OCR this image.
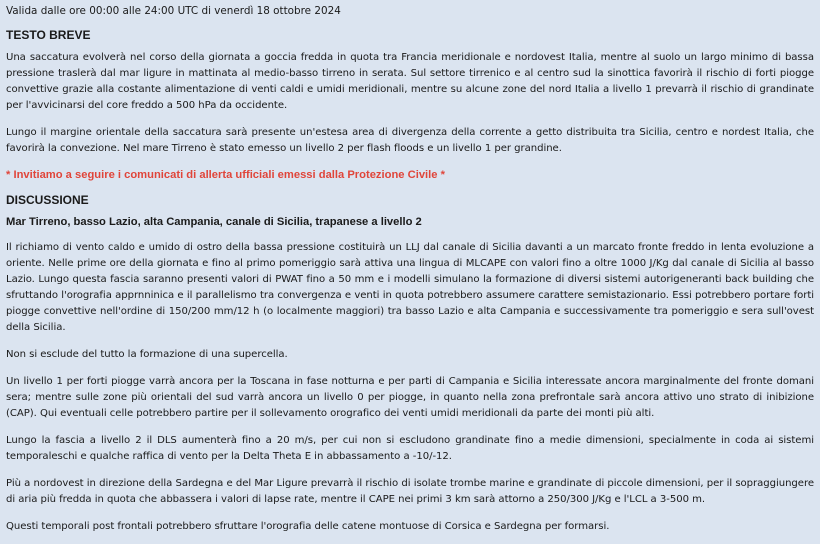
Valida dalle ore 00:00 alle 24:00 UTC di venerdì 18 ottobre 2024
TESTO BREVE

Una saccatura evolverà nel corso della giornata a goccia fredda in quota tra Francia meridionale e nordovest Italia, mentre al suolo un largo minimo di bassa pressione traslerà dal mar ligure in mattinata al medio-basso tirreno in serata. Sul settore tirrenico e al centro sud la sinottica favorirà il rischio di forti piogge convettive grazie alla costante alimentazione di venti caldi e umidi meridionali, mentre su alcune zone del nord Italia a livello 1 prevarrà il rischio di grandinate per l'avvicinarsi del core freddo a 500 hPa da occidente.

Lungo il margine orientale della saccatura sarà presente un'estesa area di divergenza della corrente a getto distribuita tra Sicilia, centro e nordest Italia, che favorirà la convezione. Nel mare Tirreno è stato emesso un livello 2 per flash floods e un livello 1 per grandine.

* Invitiamo a seguire i comunicati di allerta ufficiali emessi dalla Protezione Civile *
DISCUSSIONE
Mar Tirreno, basso Lazio, alta Campania, canale di Sicilia, trapanese a livello 2

Il richiamo di vento caldo e umido di ostro della bassa pressione costituirà un LLJ dal canale di Sicilia davanti a un marcato fronte freddo in lenta evoluzione a oriente. Nelle prime ore della giornata e fino al primo pomeriggio sarà attiva una lingua di MLCAPE con valori fino a oltre 1000 J/Kg dal canale di Sicilia al basso Lazio. Lungo questa fascia saranno presenti valori di PWAT fino a 50 mm e i modelli simulano la formazione di diversi sistemi autorigeneranti back building che sfruttando l'orografia apprnninica e il parallelismo tra convergenza e venti in quota potrebbero assumere carattere semistazionario. Essi potrebbero portare forti piogge convettive nell'ordine di 150/200 mm/12 h (o localmente maggiori) tra basso Lazio e alta Campania e successivamente tra pomeriggio e sera sull'ovest della Sicilia.

Non si esclude del tutto la formazione di una supercella.

Un livello 1 per forti piogge varrà ancora per la Toscana in fase notturna e per parti di Campania e Sicilia interessate ancora marginalmente del fronte domani sera; mentre sulle zone più orientali del sud varrà ancora un livello 0 per piogge, in quanto nella zona prefrontale sarà ancora attivo uno strato di inibizione (CAP). Qui eventuali celle potrebbero partire per il sollevamento orografico dei venti umidi meridionali da parte dei monti più alti.

Lungo la fascia a livello 2 il DLS aumenterà fino a 20 m/s, per cui non si escludono grandinate fino a medie dimensioni, specialmente in coda ai sistemi temporaleschi e qualche raffica di vento per la Delta Theta E in abbassamento a -10/-12.

Più a nordovest in direzione della Sardegna e del Mar Ligure prevarrà il rischio di isolate trombe marine e grandinate di piccole dimensioni, per il sopraggiungere di aria più fredda in quota che abbassera i valori di lapse rate, mentre il CAPE nei primi 3 km sarà attorno a 250/300 J/Kg e l'LCL a 3-500 m.

Questi temporali post frontali potrebbero sfruttare l'orografia delle catene montuose di Corsica e Sardegna per formarsi.
